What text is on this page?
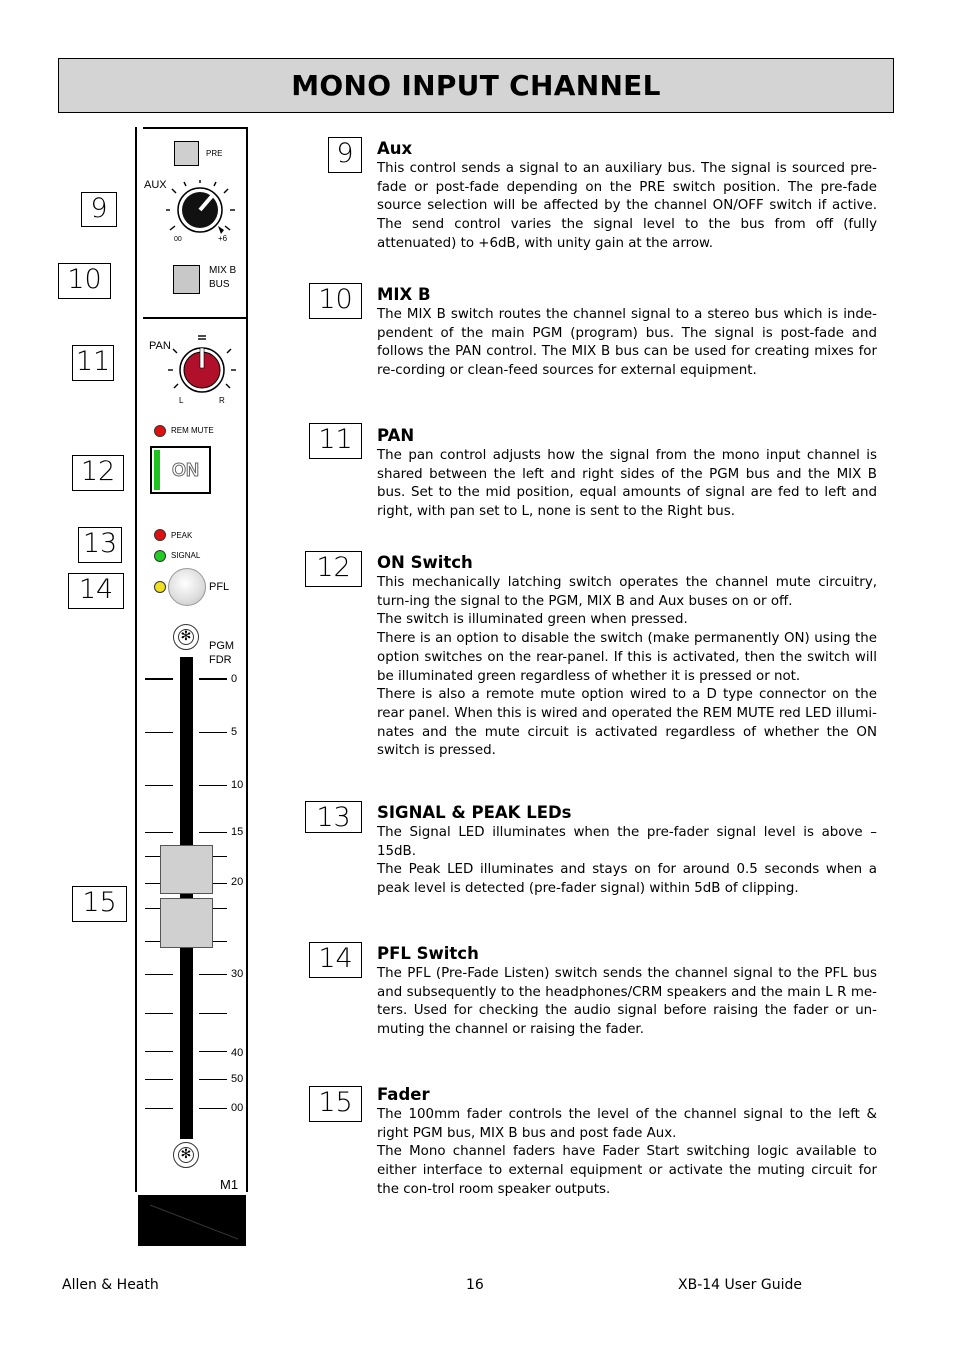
MONO INPUT CHANNEL
PRE
AUX
00	+6
MIX B
BUS
PAN
L	R
REM MUTE
ON
PEAK
SIGNAL
PFL
✻
PGM
FDR
0
5
10
15
20
30
40
50
00
✻
M1
9
10
11
12
13
14
15
9
10
11
12
13
14
15
Aux

This control sends a signal to an auxiliary bus. The signal is sourced pre-fade or post-fade depending on the PRE switch position. The pre-fade source selection will be affected by the channel ON/OFF switch if active. The send control varies the signal level to the bus from off (fully attenuated) to +6dB, with unity gain at the arrow.

MIX B

The MIX B switch routes the channel signal to a stereo bus which is inde-pendent of the main PGM (program) bus. The signal is post-fade and follows the PAN control. The MIX B bus can be used for creating mixes for re-cording or clean-feed sources for external equipment.

PAN

The pan control adjusts how the signal from the mono input channel is shared between the left and right sides of the PGM bus and the MIX B bus. Set to the mid position, equal amounts of signal are fed to left and right, with pan set to L, none is sent to the Right bus.

ON Switch

This mechanically latching switch operates the channel mute circuitry, turn-ing the signal to the PGM, MIX B and Aux buses on or off.
The switch is illuminated green when pressed.
There is an option to disable the switch (make permanently ON) using the option switches on the rear-panel. If this is activated, then the switch will be illuminated green regardless of whether it is pressed or not.
There is also a remote mute option wired to a D type connector on the rear panel. When this is wired and operated the REM MUTE red LED illumi-nates and the mute circuit is activated regardless of whether the ON switch is pressed.

SIGNAL & PEAK LEDs

The Signal LED illuminates when the pre-fader signal level is above –15dB.
The Peak LED illuminates and stays on for around 0.5 seconds when a peak level is detected (pre-fader signal) within 5dB of clipping.

PFL Switch

The PFL (Pre-Fade Listen) switch sends the channel signal to the PFL bus and subsequently to the headphones/CRM speakers and the main L R me-ters. Used for checking the audio signal before raising the fader or un-muting the channel or raising the fader.

Fader

The 100mm fader controls the level of the channel signal to the left & right PGM bus, MIX B bus and post fade Aux.
The Mono channel faders have Fader Start switching logic available to either interface to external equipment or activate the muting circuit for the con-trol room speaker outputs.

Allen & Heath	16	XB-14 User Guide
